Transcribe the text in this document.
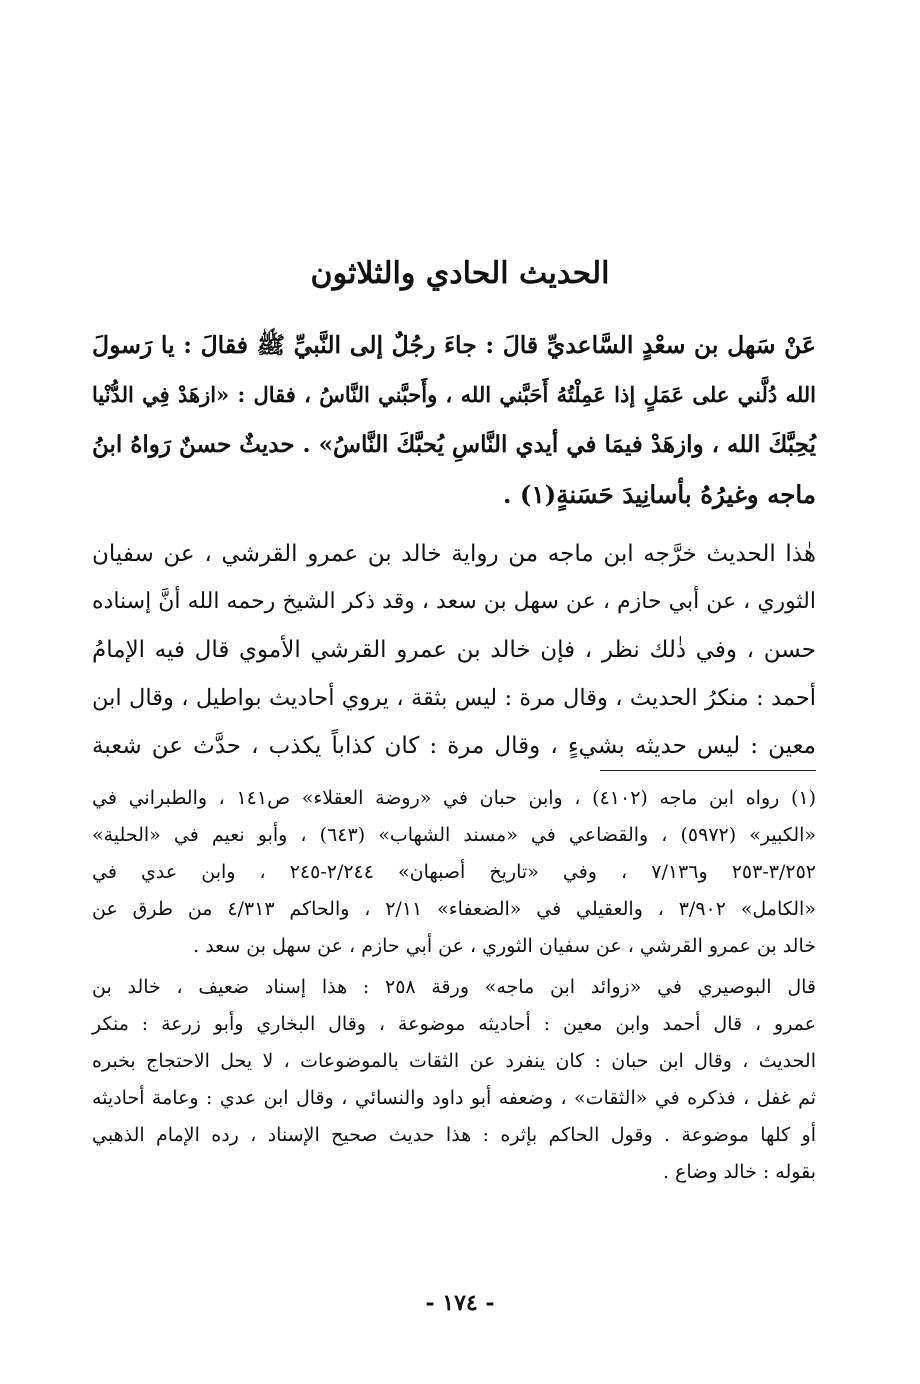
الحديث الحادي والثلاثون
عَنْ سَهل بن سعْدٍ السَّاعديِّ قالَ : جاءَ رجُلٌ إلى النَّبيِّ ﷺ فقالَ : يا رَسولَ
الله دُلَّني على عَمَلٍ إذا عَمِلْتُهُ أَحَبَّني الله ، وأَحبَّني النَّاسُ ، فقال : «ازهَدْ فِي الدُّنْيا
يُحِبَّكَ الله ، وازهَدْ فيمَا في أيدي النَّاسِ يُحبَّكَ النَّاسُ» . حديثٌ حسنٌ رَواهُ ابنُ
ماجه وغيرُهُ بأسانِيدَ حَسَنةٍ(١) .
هٰذا الحديث خرَّجه ابن ماجه من رواية خالد بن عمرو القرشي ، عن سفيان
الثوري ، عن أبي حازم ، عن سهل بن سعد ، وقد ذكر الشيخ رحمه الله أنَّ إسناده
حسن ، وفي ذٰلك نظر ، فإن خالد بن عمرو القرشي الأموي قال فيه الإمامُ
أحمد : منكرُ الحديث ، وقال مرة : ليس بثقة ، يروي أحاديث بواطيل ، وقال ابن
معين : ليس حديثه بشيءٍ ، وقال مرة : كان كذاباً يكذب ، حدَّث عن شعبة
(١) رواه ابن ماجه (٤١٠٢) ، وابن حبان في «روضة العقلاء» ص١٤١ ، والطبراني في
«الكبير» (٥٩٧٢) ، والقضاعي في «مسند الشهاب» (٦٤٣) ، وأبو نعيم في «الحلية»
٣/٢٥٢-٢٥٣ و٧/١٣٦ ، وفي «تاريخ أصبهان» ٢/٢٤٤-٢٤٥ ، وابن عدي في
«الكامل» ٣/٩٠٢ ، والعقيلي في «الضعفاء» ٢/١١ ، والحاكم ٤/٣١٣ من طرق عن
خالد بن عمرو القرشي ، عن سفيان الثوري ، عن أبي حازم ، عن سهل بن سعد .
قال البوصيري في «زوائد ابن ماجه» ورقة ٢٥٨ : هذا إسناد ضعيف ، خالد بن
عمرو ، قال أحمد وابن معين : أحاديثه موضوعة ، وقال البخاري وأبو زرعة : منكر
الحديث ، وقال ابن حبان : كان ينفرد عن الثقات بالموضوعات ، لا يحل الاحتجاج بخبره
ثم غفل ، فذكره في «الثقات» ، وضعفه أبو داود والنسائي ، وقال ابن عدي : وعامة أحاديثه
أو كلها موضوعة . وقول الحاكم بإثره : هذا حديث صحيح الإسناد ، رده الإمام الذهبي
بقوله : خالد وضاع .
- ١٧٤ -
